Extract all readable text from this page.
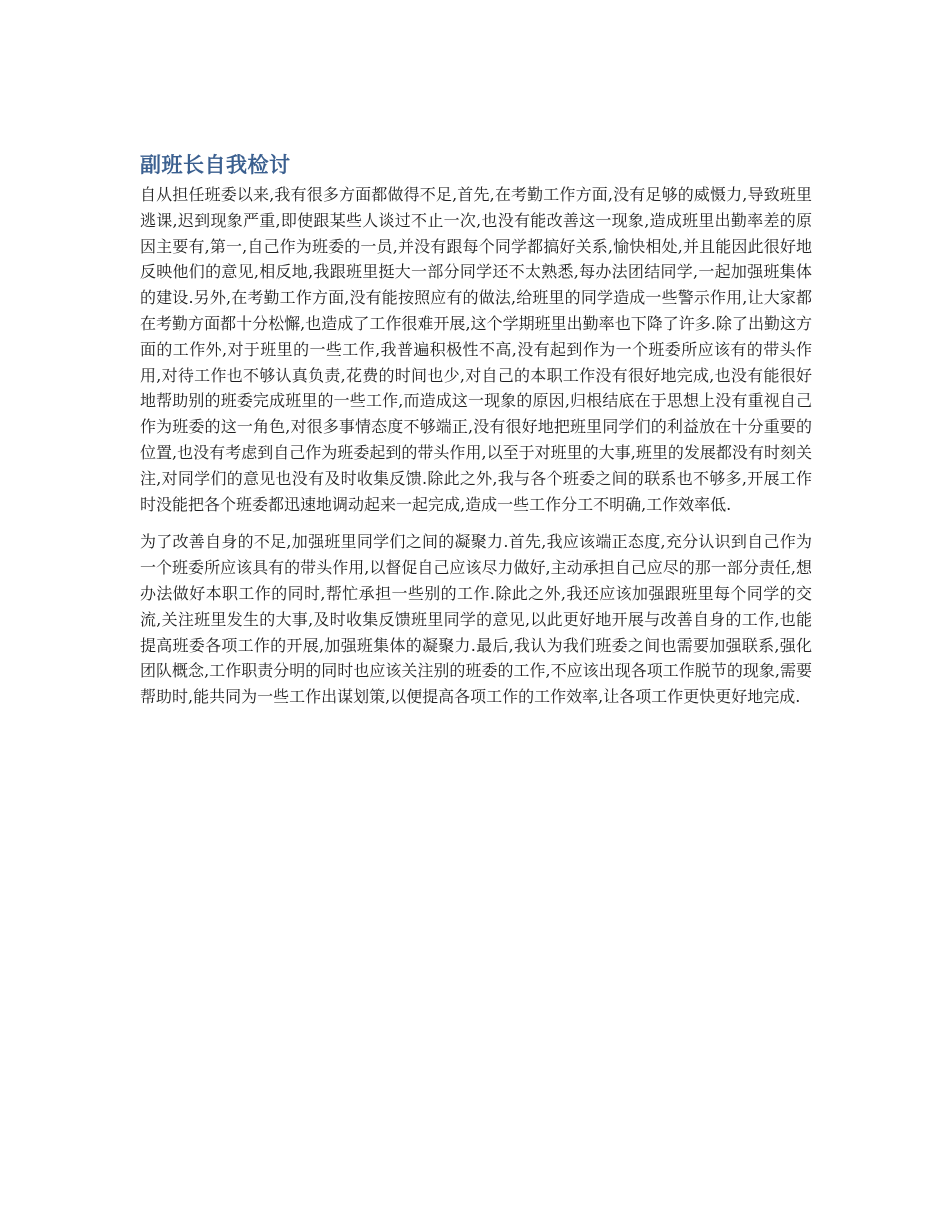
副班长自我检讨

自从担任班委以来,我有很多方面都做得不足,首先,在考勤工作方面,没有足够的威慑力,导致班里逃课,迟到现象严重,即使跟某些人谈过不止一次,也没有能改善这一现象,造成班里出勤率差的原因主要有,第一,自己作为班委的一员,并没有跟每个同学都搞好关系,愉快相处,并且能因此很好地反映他们的意见,相反地,我跟班里挺大一部分同学还不太熟悉,每办法团结同学,一起加强班集体的建设.另外,在考勤工作方面,没有能按照应有的做法,给班里的同学造成一些警示作用,让大家都在考勤方面都十分松懈,也造成了工作很难开展,这个学期班里出勤率也下降了许多.除了出勤这方面的工作外,对于班里的一些工作,我普遍积极性不高,没有起到作为一个班委所应该有的带头作用,对待工作也不够认真负责,花费的时间也少,对自己的本职工作没有很好地完成,也没有能很好地帮助别的班委完成班里的一些工作,而造成这一现象的原因,归根结底在于思想上没有重视自己作为班委的这一角色,对很多事情态度不够端正,没有很好地把班里同学们的利益放在十分重要的位置,也没有考虑到自己作为班委起到的带头作用,以至于对班里的大事,班里的发展都没有时刻关注,对同学们的意见也没有及时收集反馈.除此之外,我与各个班委之间的联系也不够多,开展工作时没能把各个班委都迅速地调动起来一起完成,造成一些工作分工不明确,工作效率低.

为了改善自身的不足,加强班里同学们之间的凝聚力.首先,我应该端正态度,充分认识到自己作为一个班委所应该具有的带头作用,以督促自己应该尽力做好,主动承担自己应尽的那一部分责任,想办法做好本职工作的同时,帮忙承担一些别的工作.除此之外,我还应该加强跟班里每个同学的交流,关注班里发生的大事,及时收集反馈班里同学的意见,以此更好地开展与改善自身的工作,也能提高班委各项工作的开展,加强班集体的凝聚力.最后,我认为我们班委之间也需要加强联系,强化团队概念,工作职责分明的同时也应该关注别的班委的工作,不应该出现各项工作脱节的现象,需要帮助时,能共同为一些工作出谋划策,以便提高各项工作的工作效率,让各项工作更快更好地完成.
